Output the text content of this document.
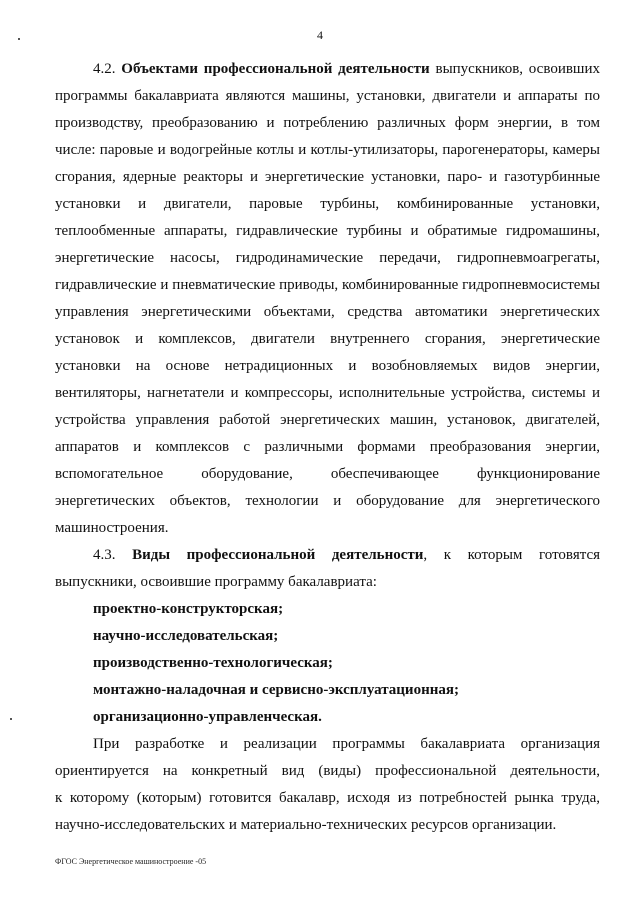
4
4.2. Объектами профессиональной деятельности выпускников, освоивших
программы бакалавриата являются машины, установки, двигатели и аппараты по
производству, преобразованию и потреблению различных форм энергии, в том
числе: паровые и водогрейные котлы и котлы-утилизаторы, парогенераторы, камеры
сгорания, ядерные реакторы и энергетические установки, паро- и газотурбинные
установки и двигатели, паровые турбины, комбинированные установки,
теплообменные аппараты, гидравлические турбины и обратимые гидромашины,
энергетические насосы, гидродинамические передачи, гидропневмоагрегаты,
гидравлические и пневматические приводы, комбинированные гидропневмосистемы
управления энергетическими объектами, средства автоматики энергетических
установок и комплексов, двигатели внутреннего сгорания, энергетические
установки на основе нетрадиционных и возобновляемых видов энергии,
вентиляторы, нагнетатели и компрессоры, исполнительные устройства, системы и
устройства управления работой энергетических машин, установок, двигателей,
аппаратов и комплексов с различными формами преобразования энергии,
вспомогательное оборудование, обеспечивающее функционирование
энергетических объектов, технологии и оборудование для энергетического
машиностроения.
4.3. Виды профессиональной деятельности, к которым готовятся
выпускники, освоившие программу бакалавриата:
проектно-конструкторская;
научно-исследовательская;
производственно-технологическая;
монтажно-наладочная и сервисно-эксплуатационная;
организационно-управленческая.
При разработке и реализации программы бакалавриата организация
ориентируется на конкретный вид (виды) профессиональной деятельности,
к которому (которым) готовится бакалавр, исходя из потребностей рынка труда,
научно-исследовательских и материально-технических ресурсов организации.
ФГОС Энергетическое машиностроение -05
